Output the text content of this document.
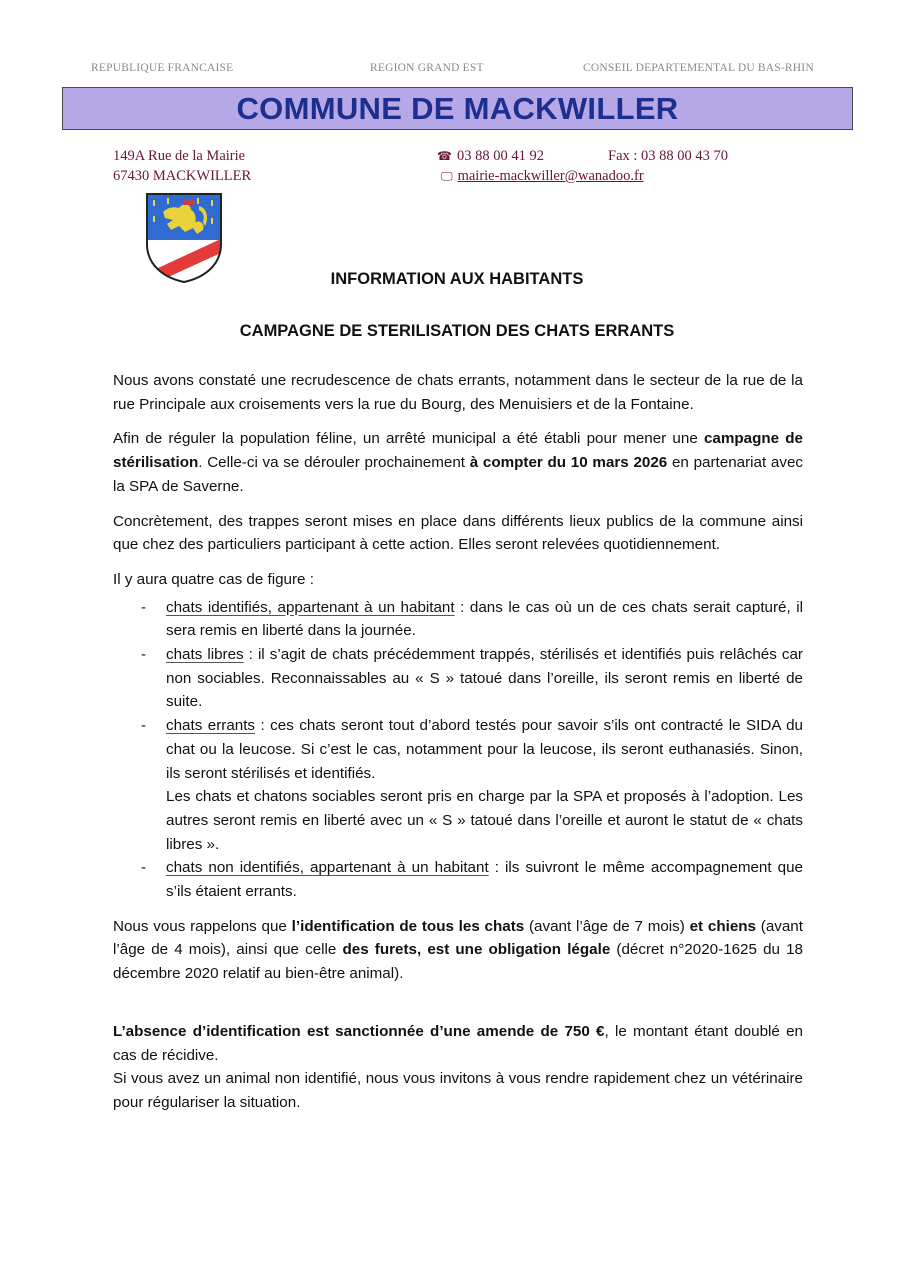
REPUBLIQUE FRANCAISE	REGION GRAND EST	CONSEIL DEPARTEMENTAL DU BAS-RHIN
COMMUNE DE MACKWILLER
149A Rue de la Mairie
67430 MACKWILLER
☎ 03 88 00 41 92	Fax : 03 88 00 43 70
🖵 mairie-mackwiller@wanadoo.fr
INFORMATION AUX HABITANTS
CAMPAGNE DE STERILISATION DES CHATS ERRANTS

Nous avons constaté une recrudescence de chats errants, notamment dans le secteur de la rue de la rue Principale aux croisements vers la rue du Bourg, des Menuisiers et de la Fontaine.

Afin de réguler la population féline, un arrêté municipal a été établi pour mener une campagne de stérilisation. Celle-ci va se dérouler prochainement à compter du 10 mars 2026 en partenariat avec la SPA de Saverne.

Concrètement, des trappes seront mises en place dans différents lieux publics de la commune ainsi que chez des particuliers participant à cette action. Elles seront relevées quotidiennement.

Il y aura quatre cas de figure :

- chats identifiés, appartenant à un habitant : dans le cas où un de ces chats serait capturé, il sera remis en liberté dans la journée.
- chats libres : il s’agit de chats précédemment trappés, stérilisés et identifiés puis relâchés car non sociables. Reconnaissables au « S » tatoué dans l’oreille, ils seront remis en liberté de suite.
- chats errants : ces chats seront tout d’abord testés pour savoir s’ils ont contracté le SIDA du chat ou la leucose. Si c’est le cas, notamment pour la leucose, ils seront euthanasiés. Sinon, ils seront stérilisés et identifiés.
Les chats et chatons sociables seront pris en charge par la SPA et proposés à l’adoption. Les autres seront remis en liberté avec un « S » tatoué dans l’oreille et auront le statut de « chats libres ».
- chats non identifiés, appartenant à un habitant : ils suivront le même accompagnement que s’ils étaient errants.

Nous vous rappelons que l’identification de tous les chats (avant l’âge de 7 mois) et chiens (avant l’âge de 4 mois), ainsi que celle des furets, est une obligation légale (décret n°2020-1625 du 18 décembre 2020 relatif au bien-être animal).

L’absence d’identification est sanctionnée d’une amende de 750 €, le montant étant doublé en cas de récidive.

Si vous avez un animal non identifié, nous vous invitons à vous rendre rapidement chez un vétérinaire pour régulariser la situation.
